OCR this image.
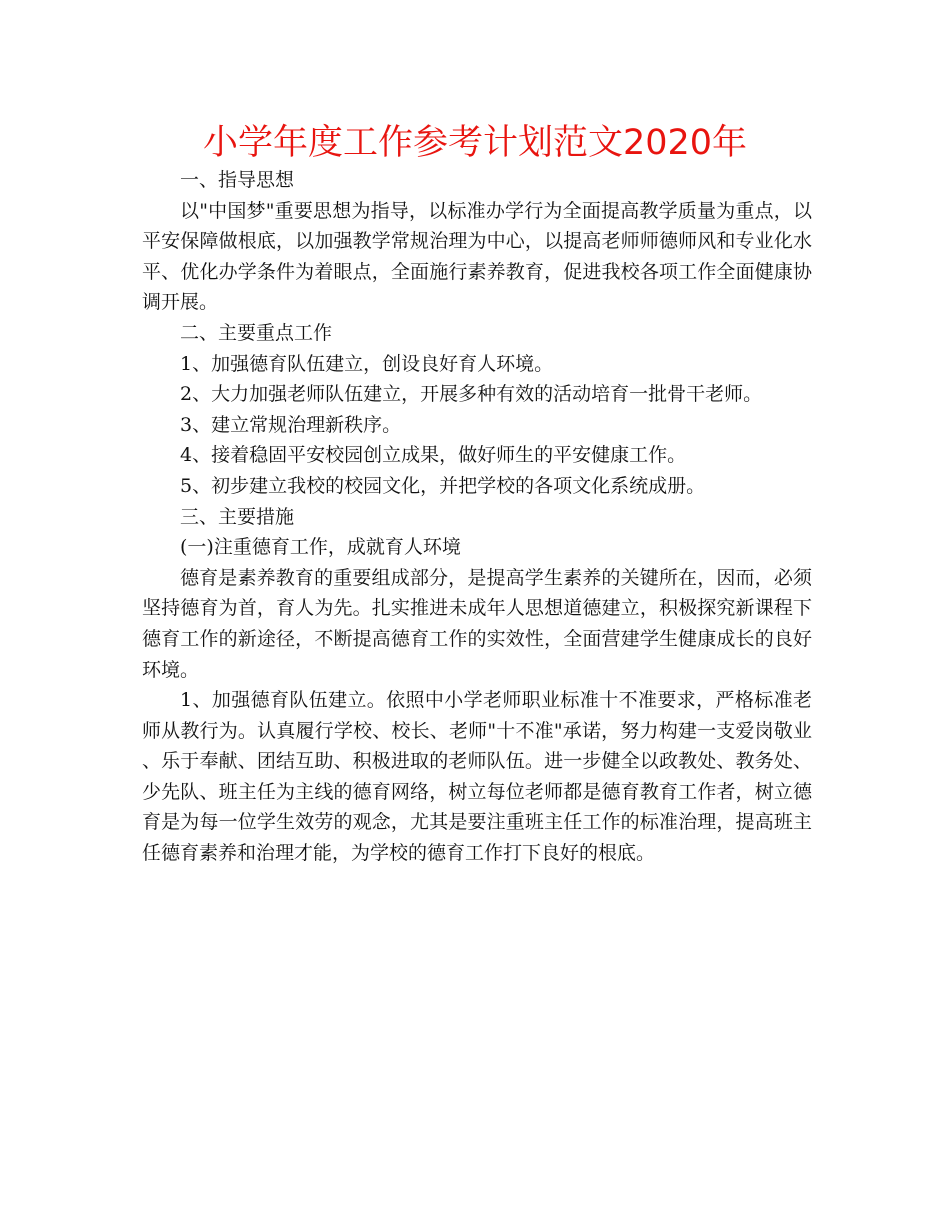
小学年度工作参考计划范文2020年

一、指导思想

以"中国梦"重要思想为指导，以标准办学行为全面提高教学质量为重点，以平安保障做根底，以加强教学常规治理为中心，以提高老师师德师风和专业化水平、优化办学条件为着眼点，全面施行素养教育，促进我校各项工作全面健康协调开展。

二、主要重点工作

1、加强德育队伍建立，创设良好育人环境。

2、大力加强老师队伍建立，开展多种有效的活动培育一批骨干老师。

3、建立常规治理新秩序。

4、接着稳固平安校园创立成果，做好师生的平安健康工作。

5、初步建立我校的校园文化，并把学校的各项文化系统成册。

三、主要措施

(一)注重德育工作，成就育人环境

德育是素养教育的重要组成部分，是提高学生素养的关键所在，因而，必须坚持德育为首，育人为先。扎实推进未成年人思想道德建立，积极探究新课程下德育工作的新途径，不断提高德育工作的实效性，全面营建学生健康成长的良好环境。

1、加强德育队伍建立。依照中小学老师职业标准十不准要求，严格标准老师从教行为。认真履行学校、校长、老师"十不准"承诺，努力构建一支爱岗敬业、乐于奉献、团结互助、积极进取的老师队伍。进一步健全以政教处、教务处、少先队、班主任为主线的德育网络，树立每位老师都是德育教育工作者，树立德育是为每一位学生效劳的观念，尤其是要注重班主任工作的标准治理，提高班主任德育素养和治理才能，为学校的德育工作打下良好的根底。
